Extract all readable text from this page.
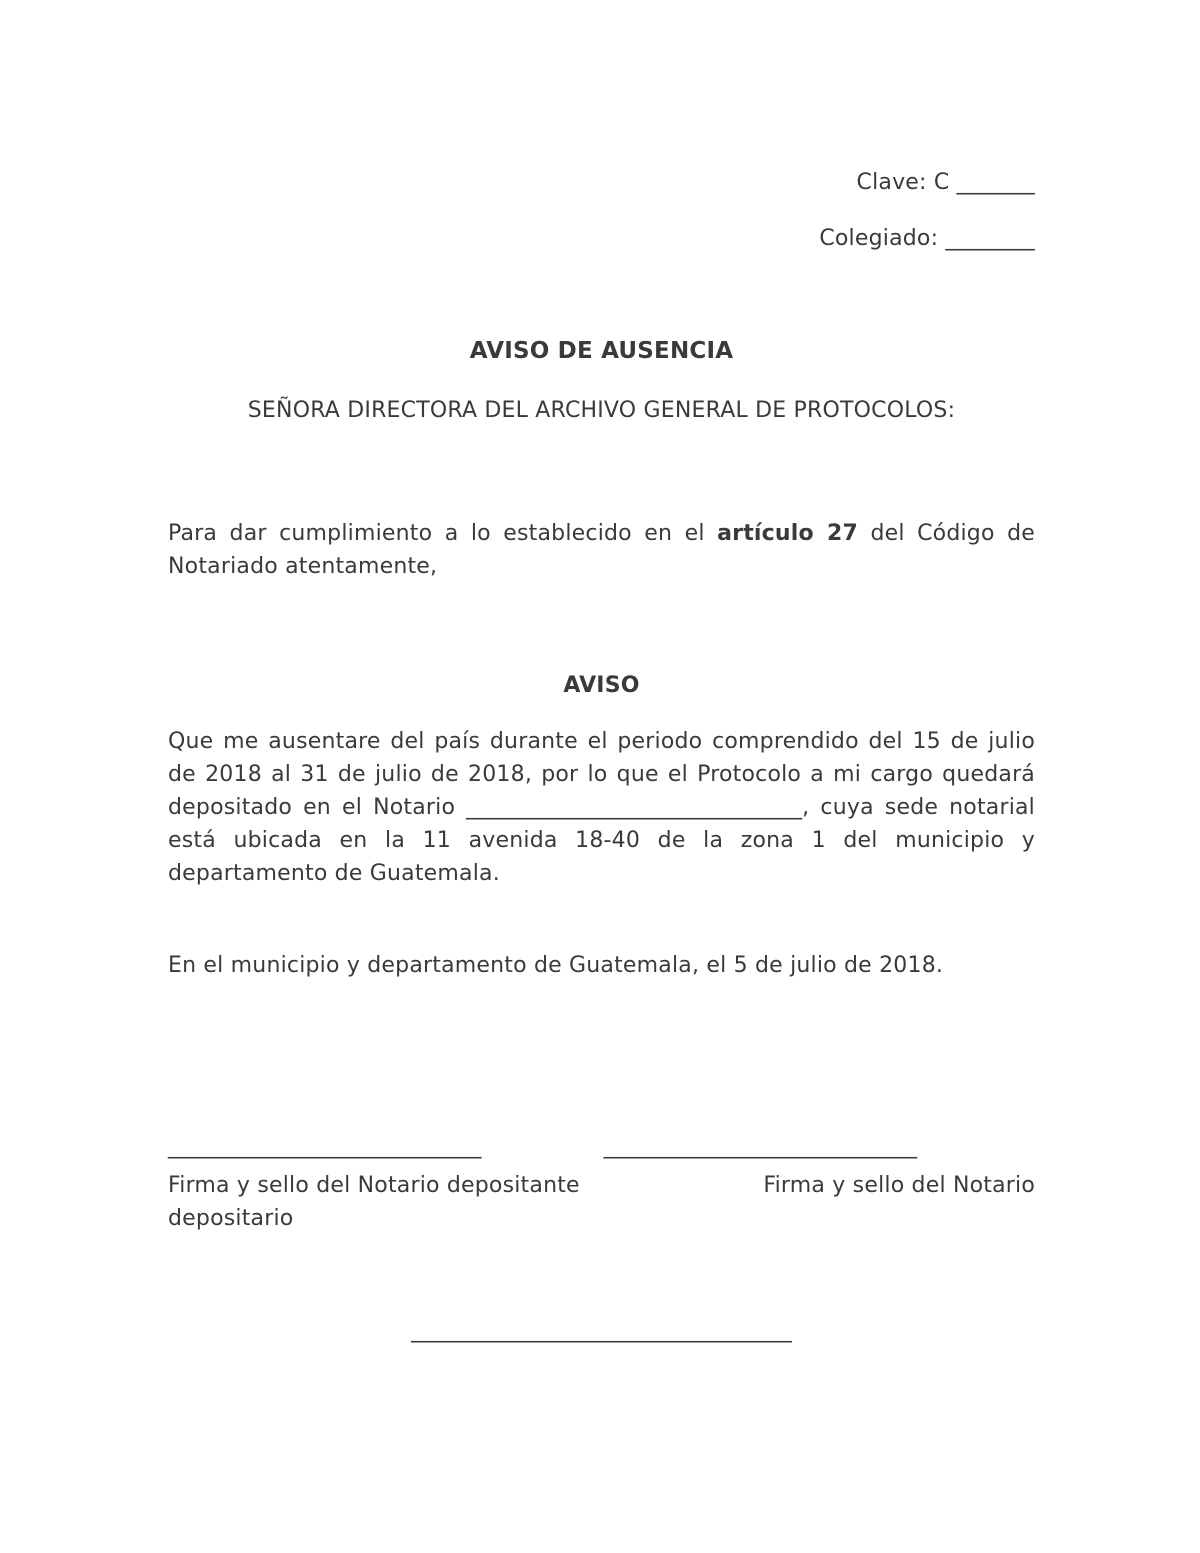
Clave: C _______

Colegiado: ________

AVISO DE AUSENCIA

SEÑORA DIRECTORA DEL ARCHIVO GENERAL DE PROTOCOLOS:

Para dar cumplimiento a lo establecido en el artículo 27 del Código de Notariado atentamente,

AVISO

Que me ausentare del país durante el periodo comprendido del 15 de julio de 2018 al 31 de julio de 2018, por lo que el Protocolo a mi cargo quedará depositado en el Notario ______________________________, cuya sede notarial está ubicada en la 11 avenida 18-40 de la zona 1 del municipio y departamento de Guatemala.

En el municipio y departamento de Guatemala, el 5 de julio de 2018.

____________________________	____________________________
Firma y sello del Notario depositante	Firma y sello del Notario

depositario

__________________________________
